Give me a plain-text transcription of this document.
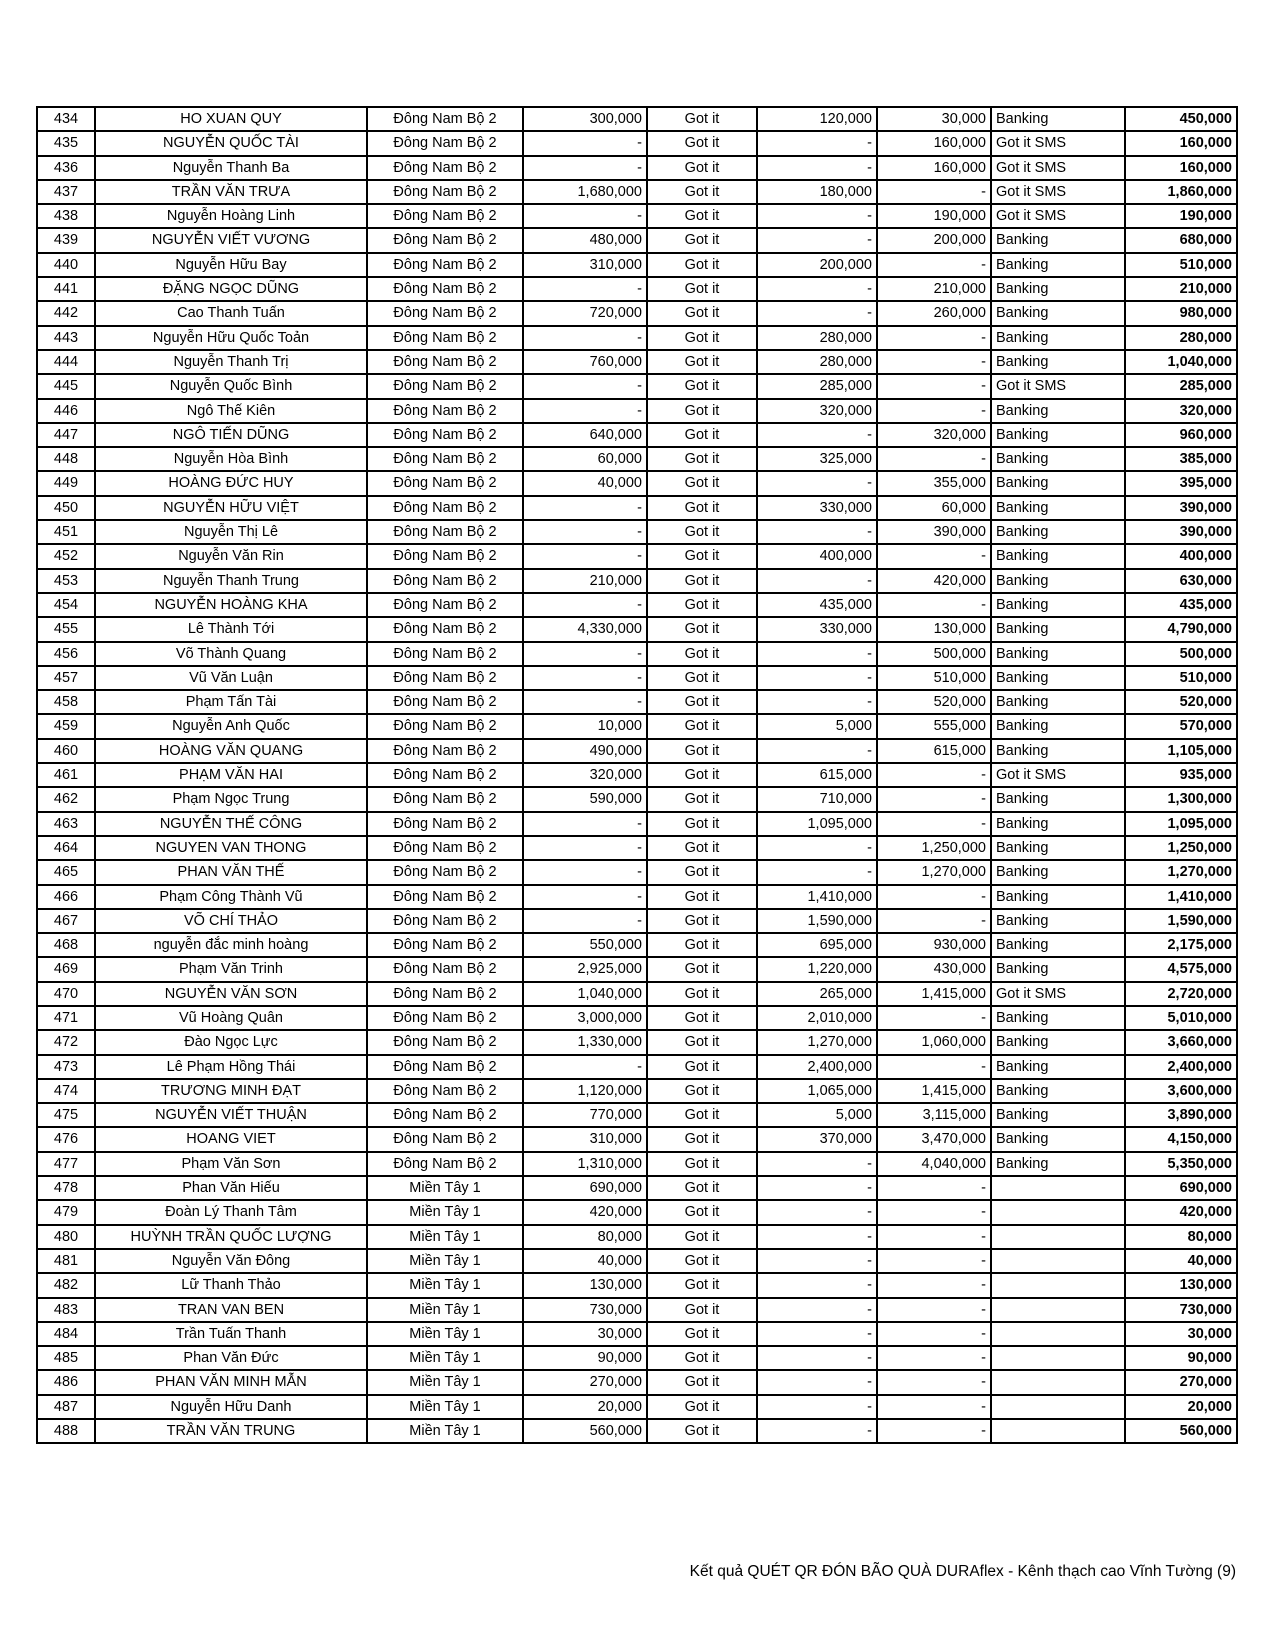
434	HO XUAN QUY	Đông Nam Bộ 2	300,000	Got it	120,000	30,000	Banking	450,000
435	NGUYỄN QUỐC TÀI	Đông Nam Bộ 2	-	Got it	-	160,000	Got it SMS	160,000
436	Nguyễn Thanh Ba	Đông Nam Bộ 2	-	Got it	-	160,000	Got it SMS	160,000
437	TRẦN VĂN TRƯA	Đông Nam Bộ 2	1,680,000	Got it	180,000	-	Got it SMS	1,860,000
438	Nguyễn Hoàng Linh	Đông Nam Bộ 2	-	Got it	-	190,000	Got it SMS	190,000
439	NGUYỄN VIẾT VƯƠNG	Đông Nam Bộ 2	480,000	Got it	-	200,000	Banking	680,000
440	Nguyễn Hữu Bay	Đông Nam Bộ 2	310,000	Got it	200,000	-	Banking	510,000
441	ĐẶNG NGỌC DŨNG	Đông Nam Bộ 2	-	Got it	-	210,000	Banking	210,000
442	Cao Thanh Tuấn	Đông Nam Bộ 2	720,000	Got it	-	260,000	Banking	980,000
443	Nguyễn Hữu Quốc Toản	Đông Nam Bộ 2	-	Got it	280,000	-	Banking	280,000
444	Nguyễn Thanh Trị	Đông Nam Bộ 2	760,000	Got it	280,000	-	Banking	1,040,000
445	Nguyễn Quốc Bình	Đông Nam Bộ 2	-	Got it	285,000	-	Got it SMS	285,000
446	Ngô Thế Kiên	Đông Nam Bộ 2	-	Got it	320,000	-	Banking	320,000
447	NGÔ TIẾN DŨNG	Đông Nam Bộ 2	640,000	Got it	-	320,000	Banking	960,000
448	Nguyễn Hòa Bình	Đông Nam Bộ 2	60,000	Got it	325,000	-	Banking	385,000
449	HOÀNG ĐỨC HUY	Đông Nam Bộ 2	40,000	Got it	-	355,000	Banking	395,000
450	NGUYỄN HỮU VIỆT	Đông Nam Bộ 2	-	Got it	330,000	60,000	Banking	390,000
451	Nguyễn Thị Lê	Đông Nam Bộ 2	-	Got it	-	390,000	Banking	390,000
452	Nguyễn Văn Rin	Đông Nam Bộ 2	-	Got it	400,000	-	Banking	400,000
453	Nguyễn Thanh Trung	Đông Nam Bộ 2	210,000	Got it	-	420,000	Banking	630,000
454	NGUYỄN HOÀNG KHA	Đông Nam Bộ 2	-	Got it	435,000	-	Banking	435,000
455	Lê Thành Tới	Đông Nam Bộ 2	4,330,000	Got it	330,000	130,000	Banking	4,790,000
456	Võ Thành Quang	Đông Nam Bộ 2	-	Got it	-	500,000	Banking	500,000
457	Vũ Văn Luận	Đông Nam Bộ 2	-	Got it	-	510,000	Banking	510,000
458	Phạm Tấn Tài	Đông Nam Bộ 2	-	Got it	-	520,000	Banking	520,000
459	Nguyễn Anh Quốc	Đông Nam Bộ 2	10,000	Got it	5,000	555,000	Banking	570,000
460	HOÀNG VĂN QUANG	Đông Nam Bộ 2	490,000	Got it	-	615,000	Banking	1,105,000
461	PHẠM VĂN HAI	Đông Nam Bộ 2	320,000	Got it	615,000	-	Got it SMS	935,000
462	Phạm Ngọc Trung	Đông Nam Bộ 2	590,000	Got it	710,000	-	Banking	1,300,000
463	NGUYỄN THẾ CÔNG	Đông Nam Bộ 2	-	Got it	1,095,000	-	Banking	1,095,000
464	NGUYEN VAN THONG	Đông Nam Bộ 2	-	Got it	-	1,250,000	Banking	1,250,000
465	PHAN VĂN THẾ	Đông Nam Bộ 2	-	Got it	-	1,270,000	Banking	1,270,000
466	Phạm Công Thành Vũ	Đông Nam Bộ 2	-	Got it	1,410,000	-	Banking	1,410,000
467	VÕ CHÍ THẢO	Đông Nam Bộ 2	-	Got it	1,590,000	-	Banking	1,590,000
468	nguyễn đắc minh hoàng	Đông Nam Bộ 2	550,000	Got it	695,000	930,000	Banking	2,175,000
469	Phạm Văn Trinh	Đông Nam Bộ 2	2,925,000	Got it	1,220,000	430,000	Banking	4,575,000
470	NGUYỄN VĂN SƠN	Đông Nam Bộ 2	1,040,000	Got it	265,000	1,415,000	Got it SMS	2,720,000
471	Vũ Hoàng Quân	Đông Nam Bộ 2	3,000,000	Got it	2,010,000	-	Banking	5,010,000
472	Đào Ngọc Lực	Đông Nam Bộ 2	1,330,000	Got it	1,270,000	1,060,000	Banking	3,660,000
473	Lê Phạm Hồng Thái	Đông Nam Bộ 2	-	Got it	2,400,000	-	Banking	2,400,000
474	TRƯƠNG MINH ĐẠT	Đông Nam Bộ 2	1,120,000	Got it	1,065,000	1,415,000	Banking	3,600,000
475	NGUYỄN VIẾT THUẬN	Đông Nam Bộ 2	770,000	Got it	5,000	3,115,000	Banking	3,890,000
476	HOANG VIET	Đông Nam Bộ 2	310,000	Got it	370,000	3,470,000	Banking	4,150,000
477	Phạm Văn Sơn	Đông Nam Bộ 2	1,310,000	Got it	-	4,040,000	Banking	5,350,000
478	Phan Văn Hiếu	Miền Tây 1	690,000	Got it	-	-		690,000
479	Đoàn Lý Thanh Tâm	Miền Tây 1	420,000	Got it	-	-		420,000
480	HUỲNH TRẦN QUỐC LƯỢNG	Miền Tây 1	80,000	Got it	-	-		80,000
481	Nguyễn Văn Đông	Miền Tây 1	40,000	Got it	-	-		40,000
482	Lữ Thanh Thảo	Miền Tây 1	130,000	Got it	-	-		130,000
483	TRAN VAN BEN	Miền Tây 1	730,000	Got it	-	-		730,000
484	Trần Tuấn Thanh	Miền Tây 1	30,000	Got it	-	-		30,000
485	Phan Văn Đức	Miền Tây 1	90,000	Got it	-	-		90,000
486	PHAN VĂN MINH MẪN	Miền Tây 1	270,000	Got it	-	-		270,000
487	Nguyễn Hữu Danh	Miền Tây 1	20,000	Got it	-	-		20,000
488	TRẦN VĂN TRUNG	Miền Tây 1	560,000	Got it	-	-		560,000
Kết quả QUÉT QR ĐÓN BÃO QUÀ DURAflex - Kênh thạch cao Vĩnh Tường (9)
